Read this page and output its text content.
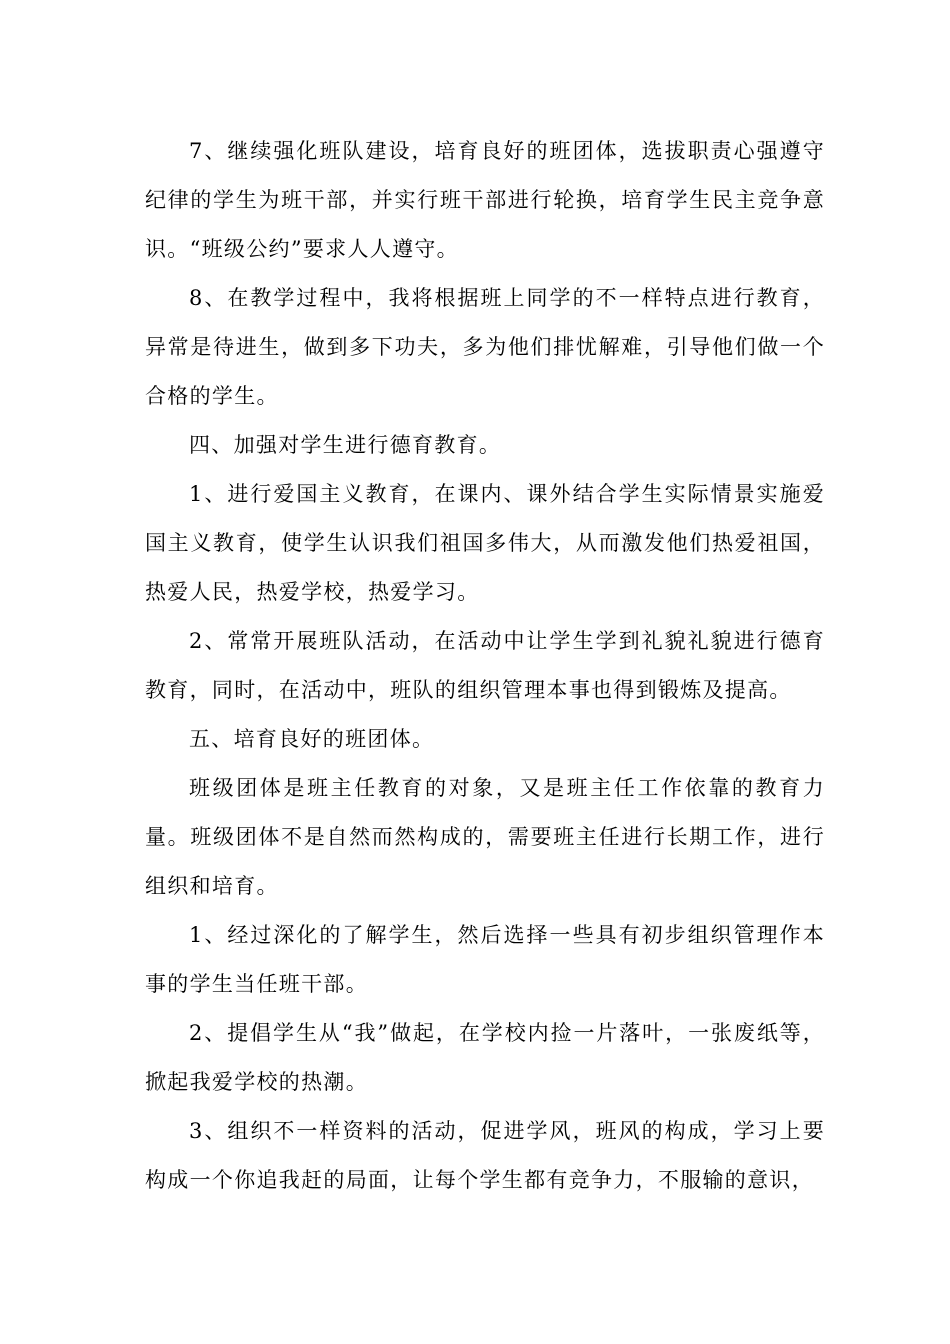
7、继续强化班队建设，培育良好的班团体，选拔职责心强遵守纪律的学生为班干部，并实行班干部进行轮换，培育学生民主竞争意识。“班级公约”要求人人遵守。

8、在教学过程中，我将根据班上同学的不一样特点进行教育，异常是待进生，做到多下功夫，多为他们排忧解难，引导他们做一个合格的学生。

四、加强对学生进行德育教育。

1、进行爱国主义教育，在课内、课外结合学生实际情景实施爱国主义教育，使学生认识我们祖国多伟大，从而激发他们热爱祖国，热爱人民，热爱学校，热爱学习。

2、常常开展班队活动，在活动中让学生学到礼貌礼貌进行德育教育，同时，在活动中，班队的组织管理本事也得到锻炼及提高。

五、培育良好的班团体。

班级团体是班主任教育的对象，又是班主任工作依靠的教育力量。班级团体不是自然而然构成的，需要班主任进行长期工作，进行组织和培育。

1、经过深化的了解学生，然后选择一些具有初步组织管理作本事的学生当任班干部。

2、提倡学生从“我”做起，在学校内捡一片落叶，一张废纸等，掀起我爱学校的热潮。

3、组织不一样资料的活动，促进学风，班风的构成，学习上要构成一个你追我赶的局面，让每个学生都有竞争力，不服输的意识，
